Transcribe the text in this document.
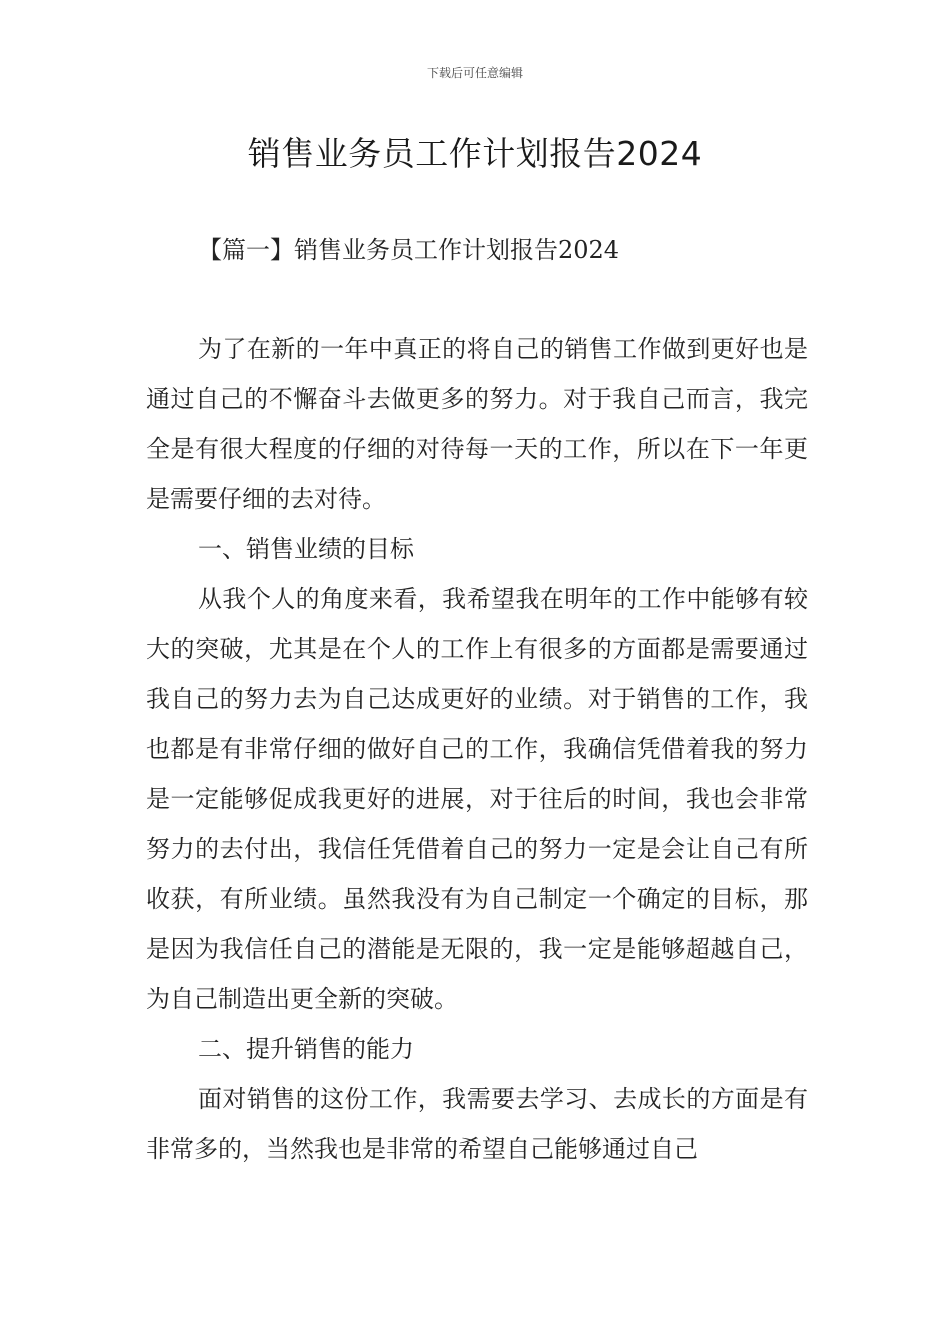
下载后可任意编辑
销售业务员工作计划报告2024
【篇一】销售业务员工作计划报告2024

为了在新的一年中真正的将自己的销售工作做到更好也是通过自己的不懈奋斗去做更多的努力。对于我自己而言，我完全是有很大程度的仔细的对待每一天的工作，所以在下一年更是需要仔细的去对待。

一、销售业绩的目标

从我个人的角度来看，我希望我在明年的工作中能够有较大的突破，尤其是在个人的工作上有很多的方面都是需要通过我自己的努力去为自己达成更好的业绩。对于销售的工作，我也都是有非常仔细的做好自己的工作，我确信凭借着我的努力是一定能够促成我更好的进展，对于往后的时间，我也会非常努力的去付出，我信任凭借着自己的努力一定是会让自己有所收获，有所业绩。虽然我没有为自己制定一个确定的目标，那是因为我信任自己的潜能是无限的，我一定是能够超越自己，为自己制造出更全新的突破。

二、提升销售的能力

面对销售的这份工作，我需要去学习、去成长的方面是有非常多的，当然我也是非常的希望自己能够通过自己
